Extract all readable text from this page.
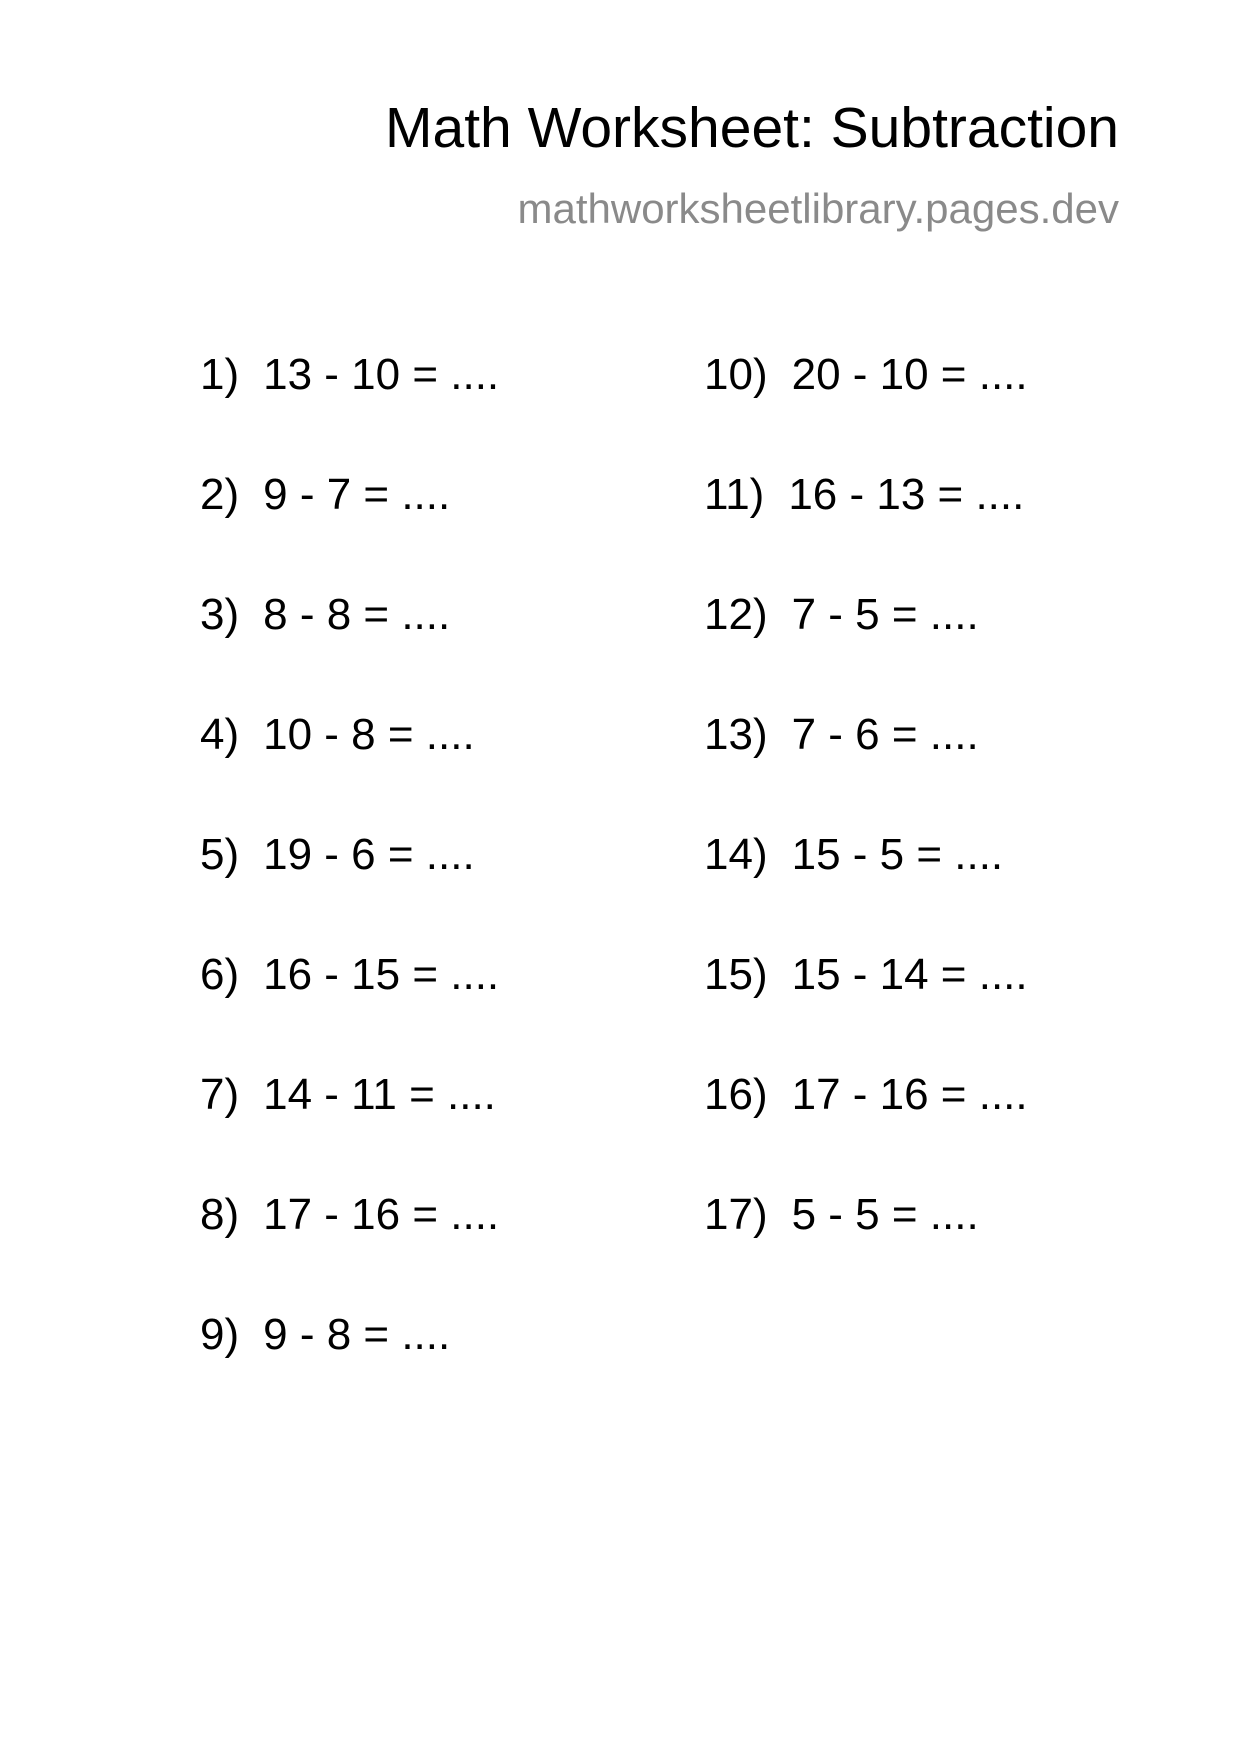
Math Worksheet: Subtraction
mathworksheetlibrary.pages.dev
1) 13 - 10 = ....
2) 9 - 7 = ....
3) 8 - 8 = ....
4) 10 - 8 = ....
5) 19 - 6 = ....
6) 16 - 15 = ....
7) 14 - 11 = ....
8) 17 - 16 = ....
9) 9 - 8 = ....
10) 20 - 10 = ....
11) 16 - 13 = ....
12) 7 - 5 = ....
13) 7 - 6 = ....
14) 15 - 5 = ....
15) 15 - 14 = ....
16) 17 - 16 = ....
17) 5 - 5 = ....
